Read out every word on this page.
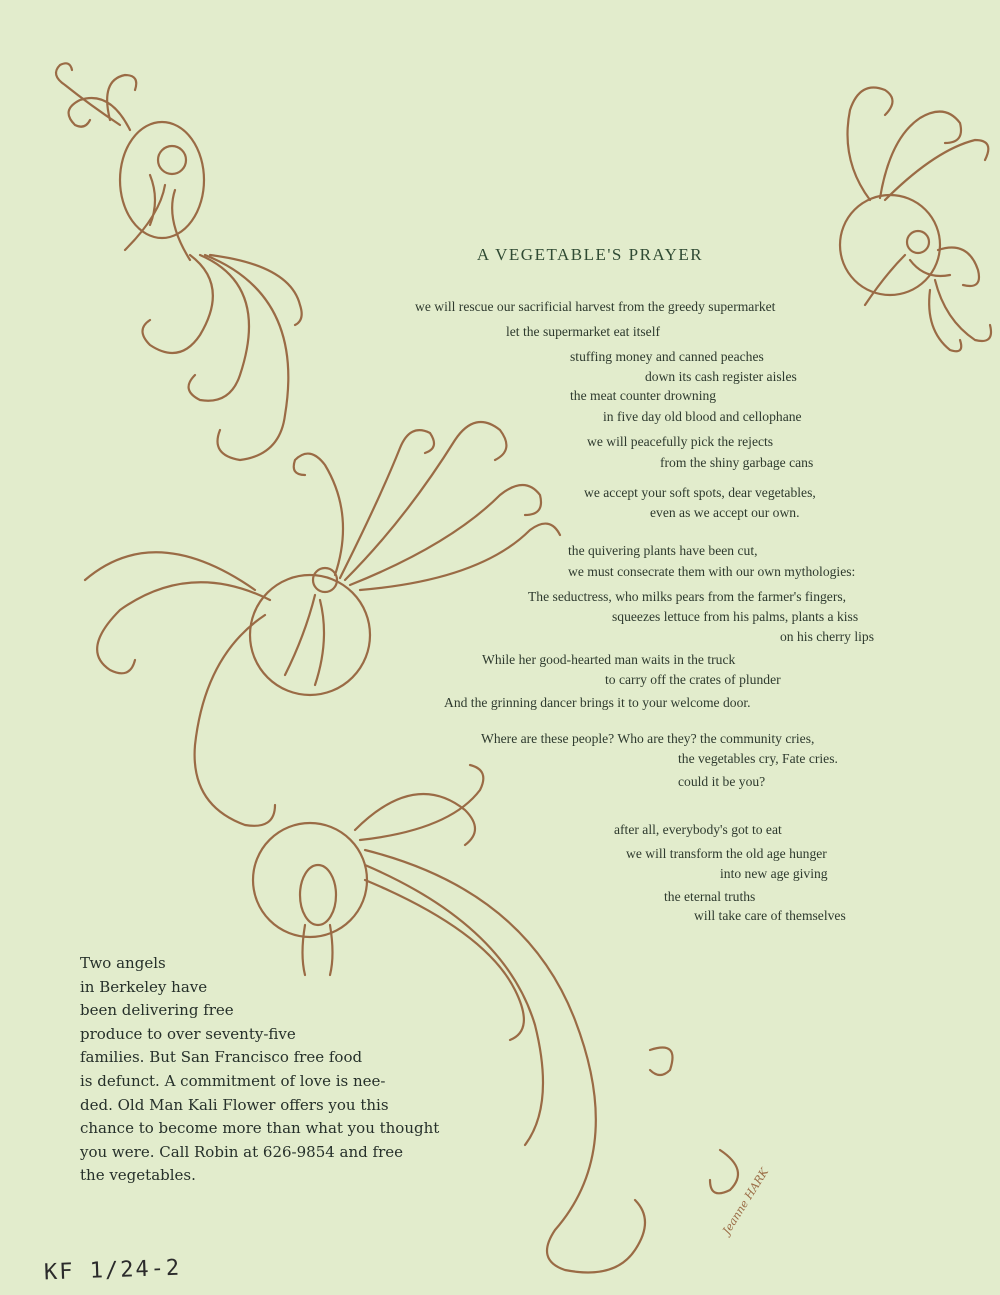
A VEGETABLE'S PRAYER
we will rescue our sacrificial harvest from the greedy supermarket
let the supermarket eat itself
stuffing money and canned peaches
down its cash register aisles
the meat counter drowning
in five day old blood and cellophane
we will peacefully pick the rejects
from the shiny garbage cans
we accept your soft spots, dear vegetables,
even as we accept our own.
the quivering plants have been cut,
we must consecrate them with our own mythologies:
The seductress, who milks pears from the farmer's fingers,
squeezes lettuce from his palms, plants a kiss
on his cherry lips
While her good-hearted man waits in the truck
to carry off the crates of plunder
And the grinning dancer brings it to your welcome door.
Where are these people? Who are they? the community cries,
the vegetables cry, Fate cries.
could it be you?
after all, everybody's got to eat
we will transform the old age hunger
into new age giving
the eternal truths
will take care of themselves
Two angels
in Berkeley have
been delivering free
produce to over seventy-five
families. But San Francisco free food
is defunct. A commitment of love is nee-
ded. Old Man Kali Flower offers you this
chance to become more than what you thought
you were. Call Robin at 626-9854 and free
the vegetables.	Jeanne HARK
KF 1/24-2
